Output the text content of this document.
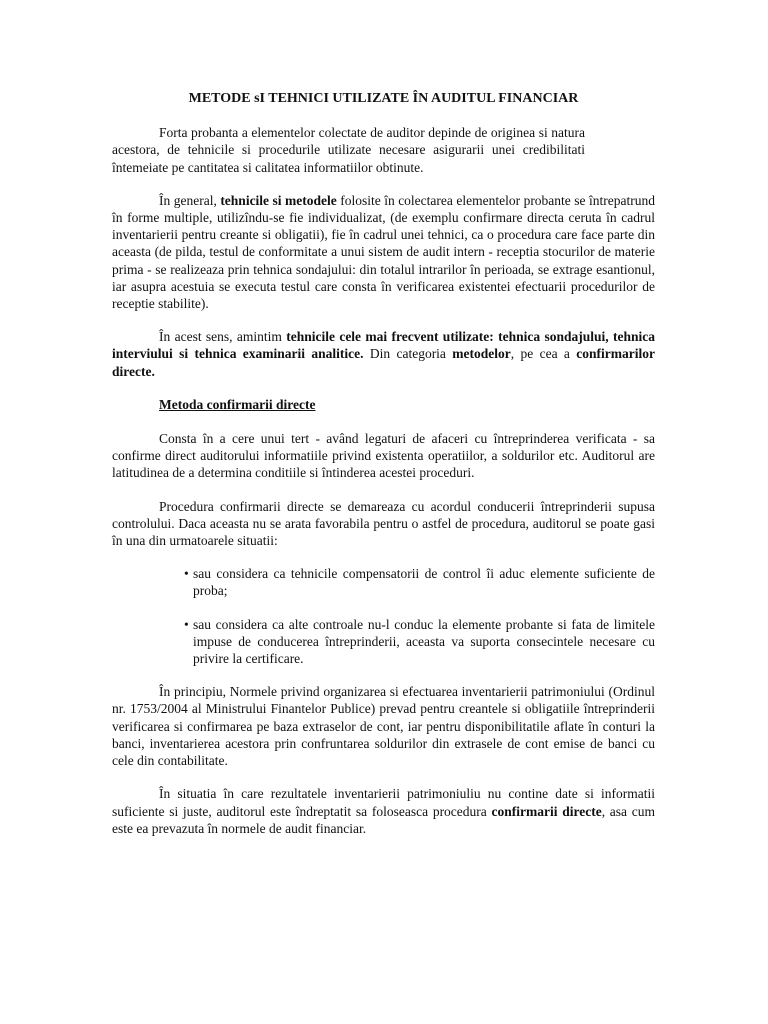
METODE sI TEHNICI UTILIZATE ÎN AUDITUL FINANCIAR

Forta probanta a elementelor colectate de auditor depinde de originea si natura acestora, de tehnicile si procedurile utilizate necesare asigurarii unei credibilitati întemeiate pe cantitatea si calitatea informatiilor obtinute.

În general, tehnicile si metodele folosite în colectarea elementelor probante se întrepatrund în forme multiple, utilizîndu-se fie individualizat, (de exemplu confirmare directa ceruta în cadrul inventarierii pentru creante si obligatii), fie în cadrul unei tehnici, ca o procedura care face parte din aceasta (de pilda, testul de conformitate a unui sistem de audit intern - receptia stocurilor de materie prima - se realizeaza prin tehnica sondajului: din totalul intrarilor în perioada, se extrage esantionul, iar asupra acestuia se executa testul care consta în verificarea existentei efectuarii procedurilor de receptie stabilite).

În acest sens, amintim tehnicile cele mai frecvent utilizate: tehnica sondajului, tehnica interviului si tehnica examinarii analitice. Din categoria metodelor, pe cea a confirmarilor directe.

Metoda confirmarii directe

Consta în a cere unui tert - având legaturi de afaceri cu întreprinderea verificata - sa confirme direct auditorului informatiile privind existenta operatiilor, a soldurilor etc. Auditorul are latitudinea de a determina conditiile si întinderea acestei proceduri.

Procedura confirmarii directe se demareaza cu acordul conducerii întreprinderii supusa controlului. Daca aceasta nu se arata favorabila pentru o astfel de procedura, auditorul se poate gasi în una din urmatoarele situatii:

• sau considera ca tehnicile compensatorii de control îi aduc elemente suficiente de proba;
• sau considera ca alte controale nu-l conduc la elemente probante si fata de limitele impuse de conducerea întreprinderii, aceasta va suporta consecintele necesare cu privire la certificare.

În principiu, Normele privind organizarea si efectuarea inventarierii patrimoniului (Ordinul nr. 1753/2004 al Ministrului Finantelor Publice) prevad pentru creantele si obligatiile întreprinderii verificarea si confirmarea pe baza extraselor de cont, iar pentru disponibilitatile aflate în conturi la banci, inventarierea acestora prin confruntarea soldurilor din extrasele de cont emise de banci cu cele din contabilitate.

În situatia în care rezultatele inventarierii patrimoniuliu nu contine date si informatii suficiente si juste, auditorul este îndreptatit sa foloseasca procedura confirmarii directe, asa cum este ea prevazuta în normele de audit financiar.
